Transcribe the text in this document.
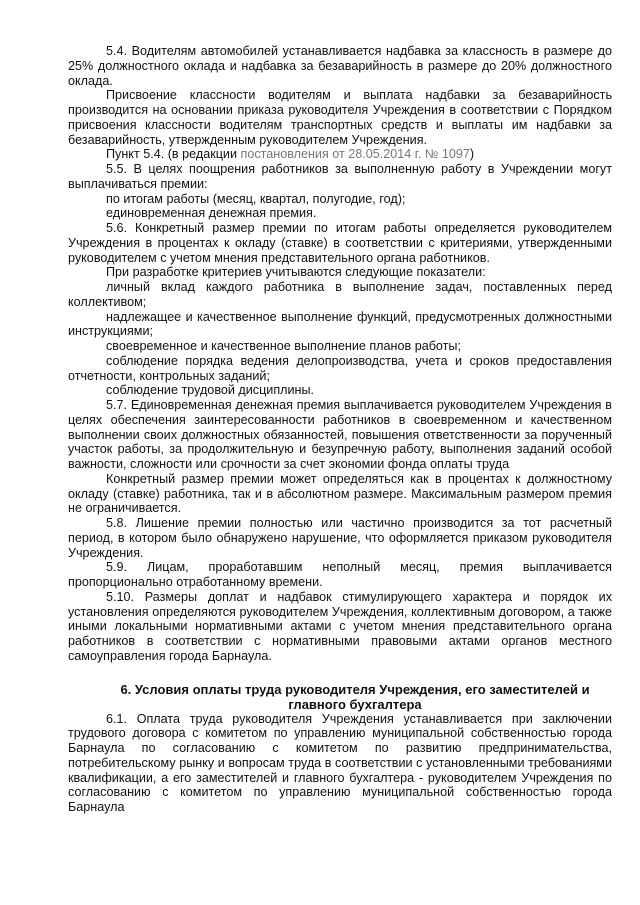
5.4. Водителям автомобилей устанавливается надбавка за классность в размере до 25% должностного оклада и надбавка за безаварийность в размере до 20% должностного оклада.

Присвоение классности водителям и выплата надбавки за безаварийность производится на основании приказа руководителя Учреждения в соответствии с Порядком присвоения классности водителям транспортных средств и выплаты им надбавки за безаварийность, утвержденным руководителем Учреждения.

Пункт 5.4. (в редакции постановления от 28.05.2014 г. № 1097)

5.5. В целях поощрения работников за выполненную работу в Учреждении могут выплачиваться премии:

по итогам работы (месяц, квартал, полугодие, год);

единовременная денежная премия.

5.6. Конкретный размер премии по итогам работы определяется руководителем Учреждения в процентах к окладу (ставке) в соответствии с критериями, утвержденными руководителем с учетом мнения представительного органа работников.

При разработке критериев учитываются следующие показатели:

личный вклад каждого работника в выполнение задач, поставленных перед коллективом;

надлежащее и качественное выполнение функций, предусмотренных должностными инструкциями;

своевременное и качественное выполнение планов работы;

соблюдение порядка ведения делопроизводства, учета и сроков предоставления отчетности, контрольных заданий;

соблюдение трудовой дисциплины.

5.7. Единовременная денежная премия выплачивается руководителем Учреждения в целях обеспечения заинтересованности работников в своевременном и качественном выполнении своих должностных обязанностей, повышения ответственности за порученный участок работы, за продолжительную и безупречную работу, выполнения заданий особой важности, сложности или срочности за счет экономии фонда оплаты труда

Конкретный размер премии может определяться как в процентах к должностному окладу (ставке) работника, так и в абсолютном размере. Максимальным размером премия не ограничивается.

5.8. Лишение премии полностью или частично производится за тот расчетный период, в котором было обнаружено нарушение, что оформляется приказом руководителя Учреждения.

5.9. Лицам, проработавшим неполный месяц, премия выплачивается пропорционально отработанному времени.

5.10. Размеры доплат и надбавок стимулирующего характера и порядок их установления определяются руководителем Учреждения, коллективным договором, а также иными локальными нормативными актами с учетом мнения представительного органа работников в соответствии с нормативными правовыми актами органов местного самоуправления города Барнаула.

6. Условия оплаты труда руководителя Учреждения, его заместителей и главного бухгалтера

6.1. Оплата труда руководителя Учреждения устанавливается при заключении трудового договора с комитетом по управлению муниципальной собственностью города Барнаула по согласованию с комитетом по развитию предпринимательства, потребительскому рынку и вопросам труда в соответствии с установленными требованиями квалификации, а его заместителей и главного бухгалтера - руководителем Учреждения по согласованию с комитетом по управлению муниципальной собственностью города Барнаула
